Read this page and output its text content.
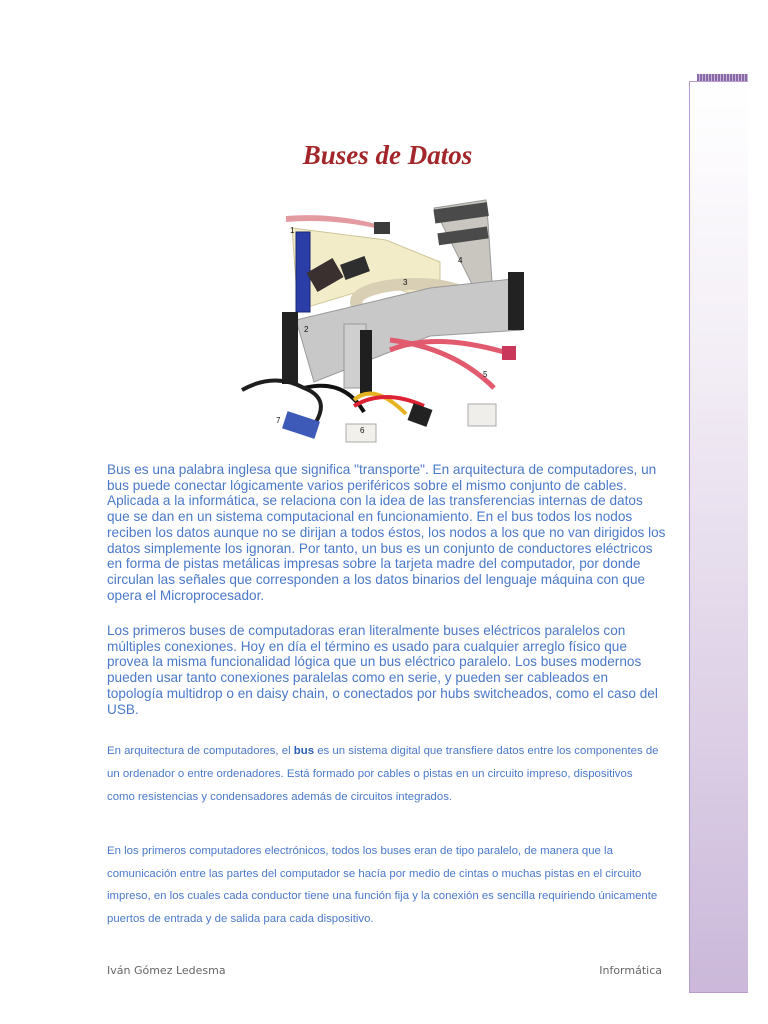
Buses de Datos
1
2
3
4
5
6
7

Bus es una palabra inglesa que significa "transporte". En arquitectura de computadores, un bus puede conectar lógicamente varios periféricos sobre el mismo conjunto de cables. Aplicada a la informática, se relaciona con la idea de las transferencias internas de datos que se dan en un sistema computacional en funcionamiento. En el bus todos los nodos reciben los datos aunque no se dirijan a todos éstos, los nodos a los que no van dirigidos los datos simplemente los ignoran. Por tanto, un bus es un conjunto de conductores eléctricos en forma de pistas metálicas impresas sobre la tarjeta madre del computador, por donde circulan las señales que corresponden a los datos binarios del lenguaje máquina con que opera el Microprocesador.

Los primeros buses de computadoras eran literalmente buses eléctricos paralelos con múltiples conexiones. Hoy en día el término es usado para cualquier arreglo físico que provea la misma funcionalidad lógica que un bus eléctrico paralelo. Los buses modernos pueden usar tanto conexiones paralelas como en serie, y pueden ser cableados en topología multidrop o en daisy chain, o conectados por hubs switcheados, como el caso del USB.

En arquitectura de computadores, el bus es un sistema digital que transfiere datos entre los componentes de un ordenador o entre ordenadores. Está formado por cables o pistas en un circuito impreso, dispositivos como resistencias y condensadores además de circuitos integrados.

En los primeros computadores electrónicos, todos los buses eran de tipo paralelo, de manera que la comunicación entre las partes del computador se hacía por medio de cintas o muchas pistas en el circuito impreso, en los cuales cada conductor tiene una función fija y la conexión es sencilla requiriendo únicamente puertos de entrada y de salida para cada dispositivo.

Iván Gómez Ledesma	Informática
